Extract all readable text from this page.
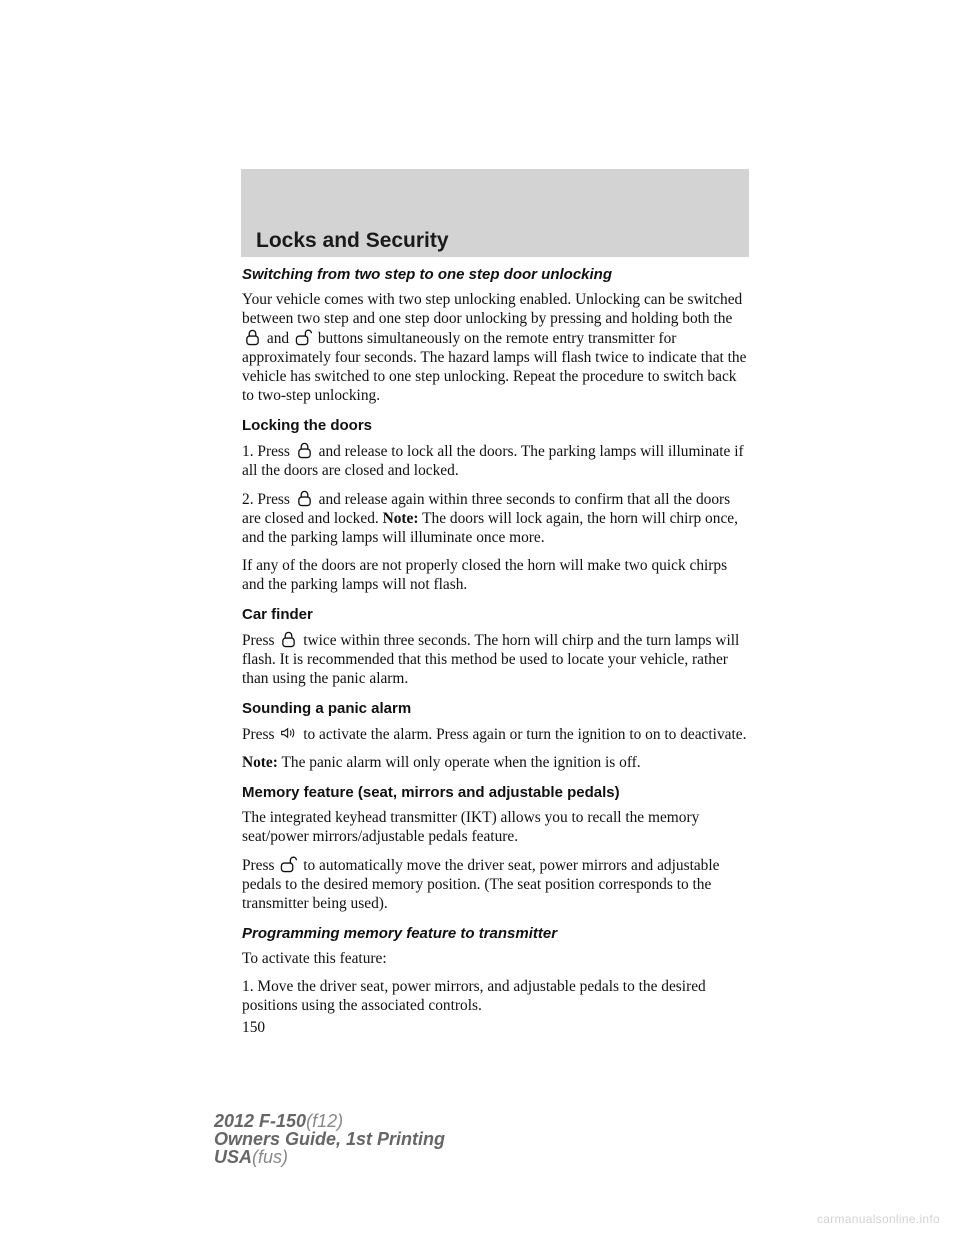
Locks and Security
Switching from two step to one step door unlocking

Your vehicle comes with two step unlocking enabled. Unlocking can be switched between two step and one step door unlocking by pressing and holding both the
and buttons simultaneously on the remote entry transmitter for approximately four seconds. The hazard lamps will flash twice to indicate that the vehicle has switched to one step unlocking. Repeat the procedure to switch back to two-step unlocking.

Locking the doors

1. Press and release to lock all the doors. The parking lamps will illuminate if all the doors are closed and locked.

2. Press and release again within three seconds to confirm that all the doors are closed and locked. Note: The doors will lock again, the horn will chirp once, and the parking lamps will illuminate once more.

If any of the doors are not properly closed the horn will make two quick chirps and the parking lamps will not flash.

Car finder

Press twice within three seconds. The horn will chirp and the turn lamps will flash. It is recommended that this method be used to locate your vehicle, rather than using the panic alarm.

Sounding a panic alarm

Press to activate the alarm. Press again or turn the ignition to on to deactivate.

Note: The panic alarm will only operate when the ignition is off.

Memory feature (seat, mirrors and adjustable pedals)

The integrated keyhead transmitter (IKT) allows you to recall the memory seat/power mirrors/adjustable pedals feature.

Press to automatically move the driver seat, power mirrors and adjustable pedals to the desired memory position. (The seat position corresponds to the transmitter being used).

Programming memory feature to transmitter

To activate this feature:

1. Move the driver seat, power mirrors, and adjustable pedals to the desired positions using the associated controls.

150

2012 F-150(f12)
Owners Guide, 1st Printing
USA(fus)
carmanualsonline.info
